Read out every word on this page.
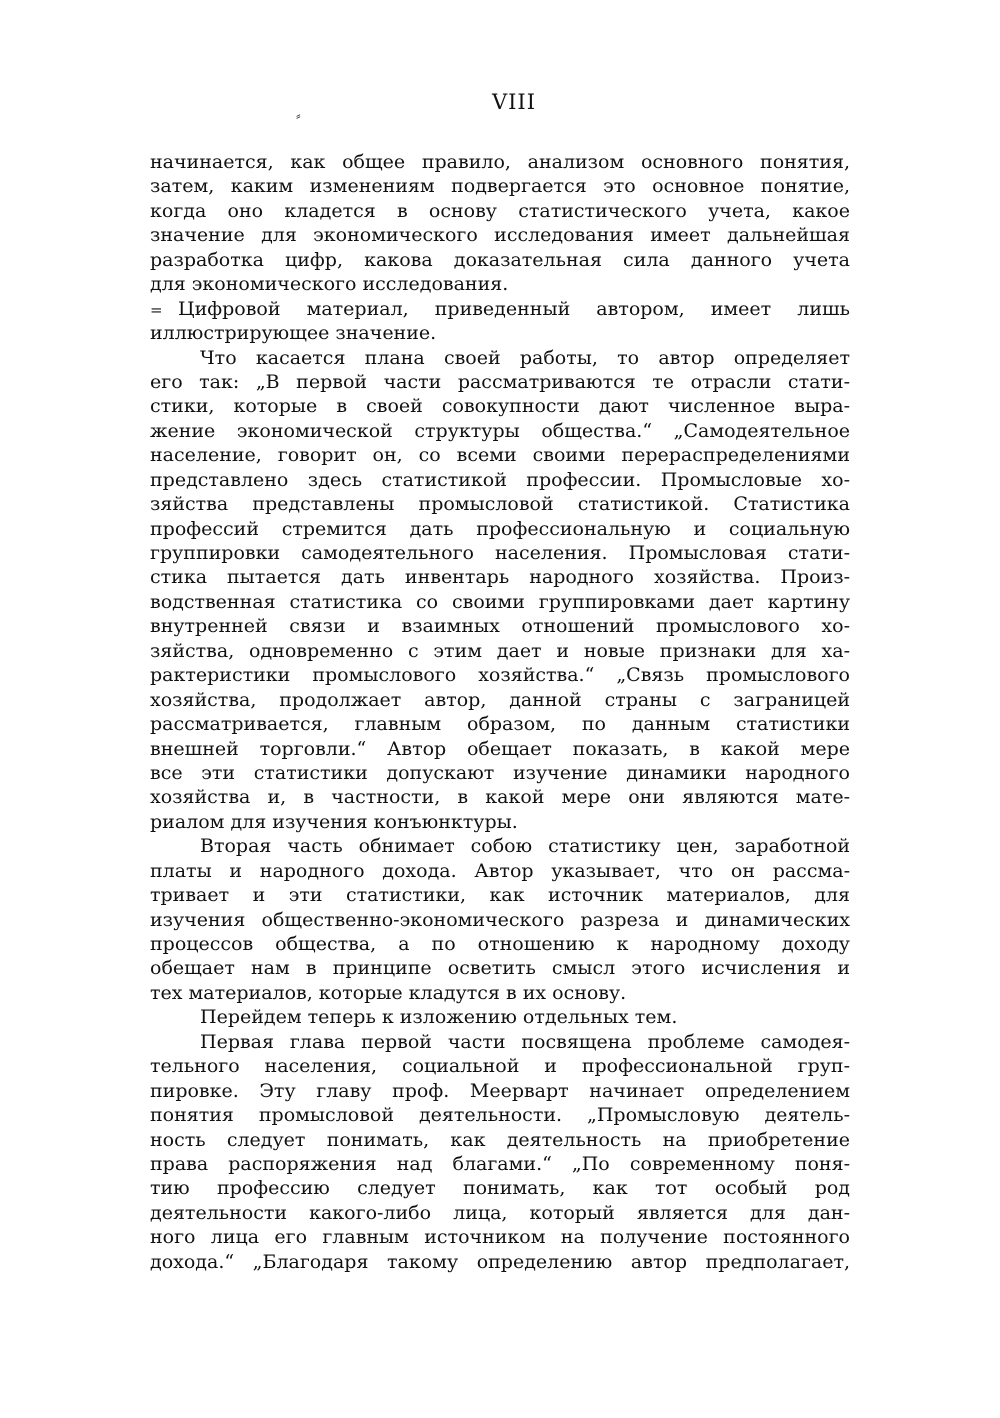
VIII
⸗
начинается, как общее правило, анализом основного понятия,
затем, каким изменениям подвергается это основное понятие,
когда оно кладется в основу статистического учета, какое
значение для экономического исследования имеет дальнейшая
разработка цифр, какова доказательная сила данного учета
для экономического исследования.
= Цифровой материал, приведенный автором, имеет лишь
иллюстрирующее значение.
Что касается плана своей работы, то автор определяет
его так: „В первой части рассматриваются те отрасли стати-
стики, которые в своей совокупности дают численное выра-
жение экономической структуры общества.“ „Самодеятельное
население, говорит он, со всеми своими перераспределениями
представлено здесь статистикой профессии. Промысловые хо-
зяйства представлены промысловой статистикой. Статистика
профессий стремится дать профессиональную и социальную
группировки самодеятельного населения. Промысловая стати-
стика пытается дать инвентарь народного хозяйства. Произ-
водственная статистика со своими группировками дает картину
внутренней связи и взаимных отношений промыслового хо-
зяйства, одновременно с этим дает и новые признаки для ха-
рактеристики промыслового хозяйства.“ „Связь промыслового
хозяйства, продолжает автор, данной страны с заграницей
рассматривается, главным образом, по данным статистики
внешней торговли.“ Автор обещает показать, в какой мере
все эти статистики допускают изучение динамики народного
хозяйства и, в частности, в какой мере они являются мате-
риалом для изучения конъюнктуры.
Вторая часть обнимает собою статистику цен, заработной
платы и народного дохода. Автор указывает, что он рассма-
тривает и эти статистики, как источник материалов, для
изучения общественно-экономического разреза и динамических
процессов общества, а по отношению к народному доходу
обещает нам в принципе осветить смысл этого исчисления и
тех материалов, которые кладутся в их основу.
Перейдем теперь к изложению отдельных тем.
Первая глава первой части посвящена проблеме самодея-
тельного населения, социальной и профессиональной груп-
пировке. Эту главу проф. Меерварт начинает определением
понятия промысловой деятельности. „Промысловую деятель-
ность следует понимать, как деятельность на приобретение
права распоряжения над благами.“ „По современному поня-
тию профессию следует понимать, как тот особый род
деятельности какого-либо лица, который является для дан-
ного лица его главным источником на получение постоянного
дохода.“ „Благодаря такому определению автор предполагает,
